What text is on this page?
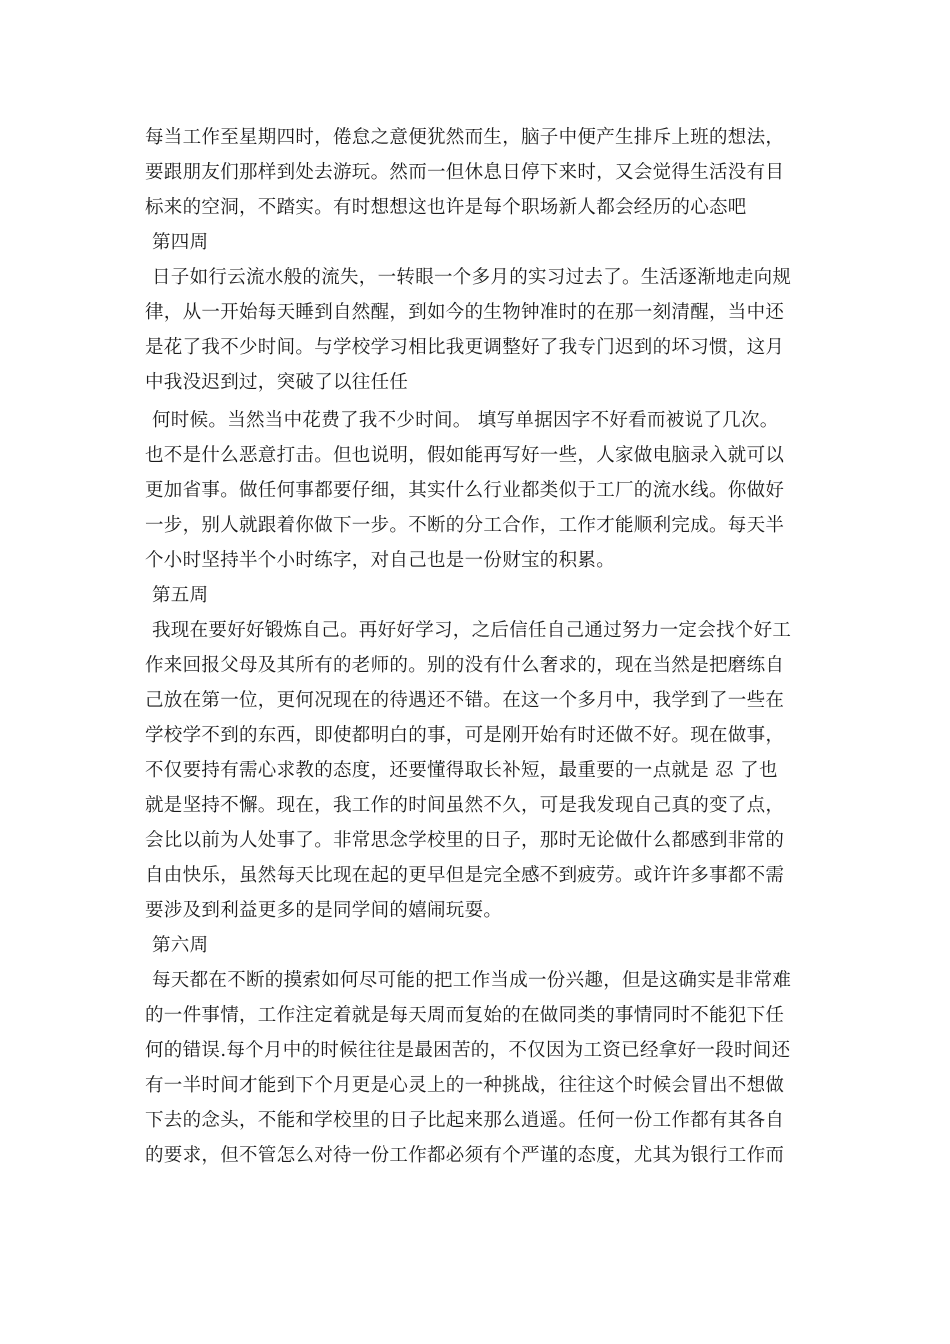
每当工作至星期四时，倦怠之意便犹然而生，脑子中便产生排斥上班的想法，
要跟朋友们那样到处去游玩。然而一但休息日停下来时，又会觉得生活没有目
标来的空洞，不踏实。有时想想这也许是每个职场新人都会经历的心态吧
第四周
日子如行云流水般的流失，一转眼一个多月的实习过去了。生活逐渐地走向规
律，从一开始每天睡到自然醒，到如今的生物钟准时的在那一刻清醒，当中还
是花了我不少时间。与学校学习相比我更调整好了我专门迟到的坏习惯，这月
中我没迟到过，突破了以往任任
何时候。当然当中花费了我不少时间。 填写单据因字不好看而被说了几次。
也不是什么恶意打击。但也说明，假如能再写好一些，人家做电脑录入就可以
更加省事。做任何事都要仔细，其实什么行业都类似于工厂的流水线。你做好
一步，别人就跟着你做下一步。不断的分工合作，工作才能顺利完成。每天半
个小时坚持半个小时练字，对自己也是一份财宝的积累。
第五周
我现在要好好锻炼自己。再好好学习，之后信任自己通过努力一定会找个好工
作来回报父母及其所有的老师的。别的没有什么奢求的，现在当然是把磨练自
己放在第一位，更何况现在的待遇还不错。在这一个多月中，我学到了一些在
学校学不到的东西，即使都明白的事，可是刚开始有时还做不好。现在做事，
不仅要持有需心求教的态度，还要懂得取长补短，最重要的一点就是 忍 了也
就是坚持不懈。现在，我工作的时间虽然不久，可是我发现自己真的变了点，
会比以前为人处事了。非常思念学校里的日子，那时无论做什么都感到非常的
自由快乐，虽然每天比现在起的更早但是完全感不到疲劳。或许许多事都不需
要涉及到利益更多的是同学间的嬉闹玩耍。
第六周
每天都在不断的摸索如何尽可能的把工作当成一份兴趣，但是这确实是非常难
的一件事情，工作注定着就是每天周而复始的在做同类的事情同时不能犯下任
何的错误.每个月中的时候往往是最困苦的，不仅因为工资已经拿好一段时间还
有一半时间才能到下个月更是心灵上的一种挑战，往往这个时候会冒出不想做
下去的念头，不能和学校里的日子比起来那么逍遥。任何一份工作都有其各自
的要求，但不管怎么对待一份工作都必须有个严谨的态度，尤其为银行工作而
